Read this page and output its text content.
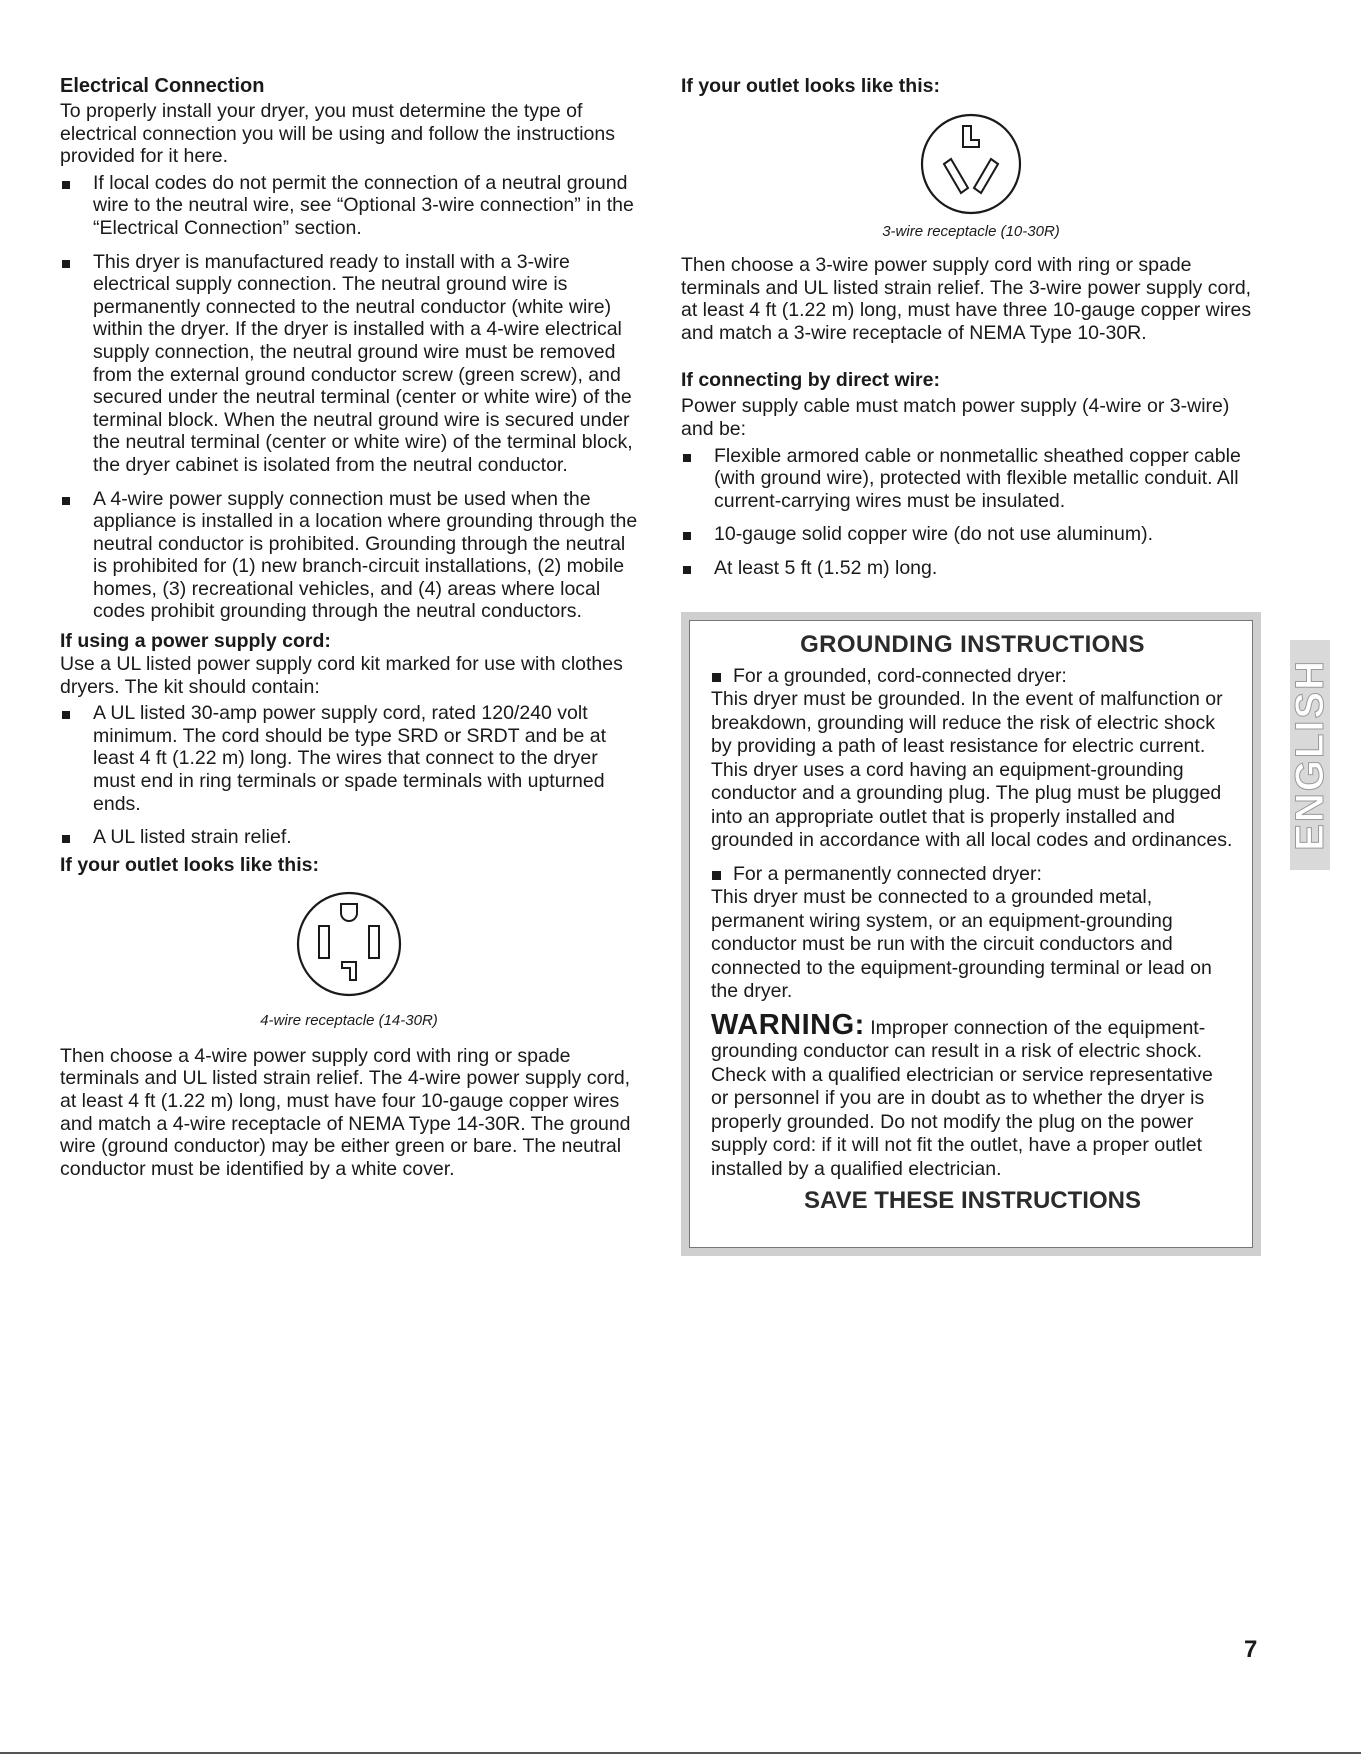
Electrical Connection

To properly install your dryer, you must determine the type of electrical connection you will be using and follow the instructions provided for it here.

If local codes do not permit the connection of a neutral ground wire to the neutral wire, see “Optional 3-wire connection” in the “Electrical Connection” section.
This dryer is manufactured ready to install with a 3-wire electrical supply connection. The neutral ground wire is permanently connected to the neutral conductor (white wire) within the dryer. If the dryer is installed with a 4-wire electrical supply connection, the neutral ground wire must be removed from the external ground conductor screw (green screw), and secured under the neutral terminal (center or white wire) of the terminal block. When the neutral ground wire is secured under the neutral terminal (center or white wire) of the terminal block, the dryer cabinet is isolated from the neutral conductor.
A 4-wire power supply connection must be used when the appliance is installed in a location where grounding through the neutral conductor is prohibited. Grounding through the neutral is prohibited for (1) new branch-circuit installations, (2) mobile homes, (3) recreational vehicles, and (4) areas where local codes prohibit grounding through the neutral conductors.
If using a power supply cord:

Use a UL listed power supply cord kit marked for use with clothes dryers. The kit should contain:

A UL listed 30-amp power supply cord, rated 120/240 volt minimum. The cord should be type SRD or SRDT and be at least 4 ft (1.22 m) long. The wires that connect to the dryer must end in ring terminals or spade terminals with upturned ends.
A UL listed strain relief.
If your outlet looks like this:
4-wire receptacle (14-30R)

Then choose a 4-wire power supply cord with ring or spade terminals and UL listed strain relief. The 4-wire power supply cord, at least 4 ft (1.22 m) long, must have four 10-gauge copper wires and match a 4-wire receptacle of NEMA Type 14-30R. The ground wire (ground conductor) may be either green or bare. The neutral conductor must be identified by a white cover.

If your outlet looks like this:
3-wire receptacle (10-30R)

Then choose a 3-wire power supply cord with ring or spade terminals and UL listed strain relief. The 3-wire power supply cord, at least 4 ft (1.22 m) long, must have three 10-gauge copper wires and match a 3-wire receptacle of NEMA Type 10-30R.

If connecting by direct wire:

Power supply cable must match power supply (4-wire or 3-wire) and be:

Flexible armored cable or nonmetallic sheathed copper cable (with ground wire), protected with flexible metallic conduit. All current-carrying wires must be insulated.
10-gauge solid copper wire (do not use aluminum).
At least 5 ft (1.52 m) long.
GROUNDING INSTRUCTIONS
For a grounded, cord-connected dryer:
This dryer must be grounded. In the event of malfunction or breakdown, grounding will reduce the risk of electric shock by providing a path of least resistance for electric current. This dryer uses a cord having an equipment-grounding conductor and a grounding plug. The plug must be plugged into an appropriate outlet that is properly installed and grounded in accordance with all local codes and ordinances.
For a permanently connected dryer:
This dryer must be connected to a grounded metal, permanent wiring system, or an equipment-grounding conductor must be run with the circuit conductors and connected to the equipment-grounding terminal or lead on the dryer.
WARNING: Improper connection of the equipment-grounding conductor can result in a risk of electric shock. Check with a qualified electrician or service representative or personnel if you are in doubt as to whether the dryer is properly grounded. Do not modify the plug on the power supply cord: if it will not fit the outlet, have a proper outlet installed by a qualified electrician.
SAVE THESE INSTRUCTIONS
ENGLISH
7
